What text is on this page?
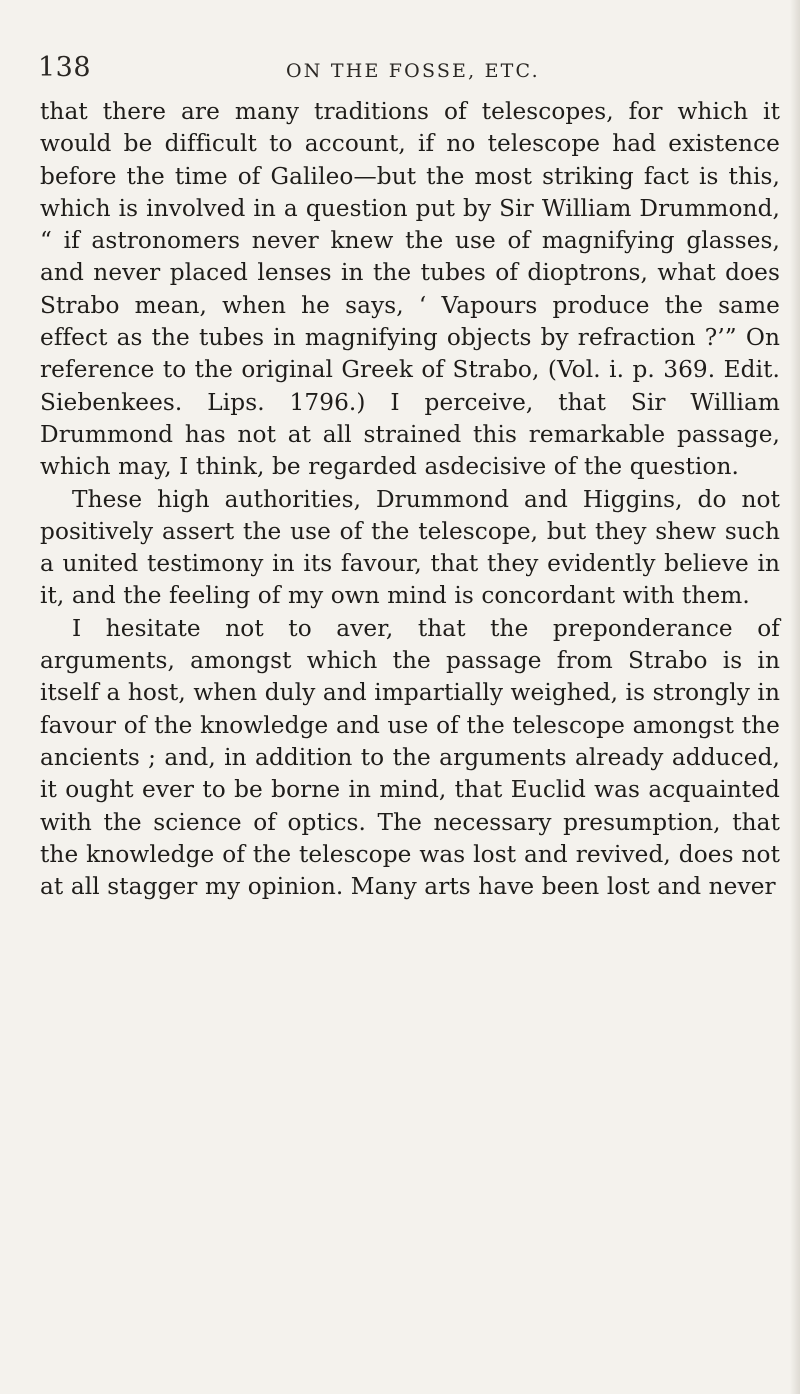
138	ON THE FOSSE, ETC.

that there are many traditions of telescopes, for which it would be difficult to account, if no telescope had existence before the time of Galileo—but the most striking fact is this, which is involved in a question put by Sir William Drummond, “ if astronomers never knew the use of magnifying glasses, and never placed lenses in the tubes of dioptrons, what does Strabo mean, when he says, ‘ Vapours produce the same effect as the tubes in magnifying objects by refraction ?’” On reference to the original Greek of Strabo, (Vol. i. p. 369. Edit. Siebenkees. Lips. 1796.) I perceive, that Sir William Drummond has not at all strained this remarkable passage, which may, I think, be regarded asdecisive of the question.

These high authorities, Drummond and Higgins, do not positively assert the use of the telescope, but they shew such a united testimony in its favour, that they evidently believe in it, and the feeling of my own mind is concordant with them.

I hesitate not to aver, that the preponderance of arguments, amongst which the passage from Strabo is in itself a host, when duly and impartially weighed, is strongly in favour of the knowledge and use of the telescope amongst the ancients ; and, in addition to the arguments already adduced, it ought ever to be borne in mind, that Euclid was acquainted with the science of optics. The necessary presumption, that the knowledge of the telescope was lost and revived, does not at all stagger my opinion. Many arts have been lost and never
